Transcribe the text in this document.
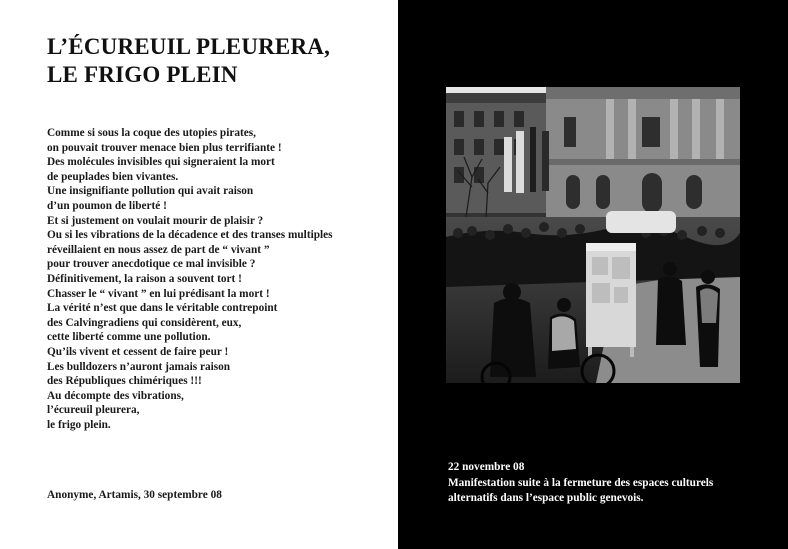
L’ÉCUREUIL PLEURERA,
LE FRIGO PLEIN
Comme si sous la coque des utopies pirates,
on pouvait trouver menace bien plus terrifiante !
Des molécules invisibles qui signeraient la mort
de peuplades bien vivantes.
Une insignifiante pollution qui avait raison
d’un poumon de liberté !
Et si justement on voulait mourir de plaisir ?
Ou si les vibrations de la décadence et des transes multiples
réveillaient en nous assez de part de “ vivant ”
pour trouver anecdotique ce mal invisible ?
Définitivement, la raison a souvent tort !
Chasser le “ vivant ” en lui prédisant la mort !
La vérité n’est que dans le véritable contrepoint
des Calvingradiens qui considèrent, eux,
cette liberté comme une pollution.
Qu’ils vivent et cessent de faire peur !
Les bulldozers n’auront jamais raison
des Républiques chimériques !!!
Au décompte des vibrations,
l’écureuil pleurera,
le frigo plein.
Anonyme, Artamis, 30 septembre 08
22 novembre 08
Manifestation suite à la fermeture des espaces culturels
alternatifs dans l’espace public genevois.
